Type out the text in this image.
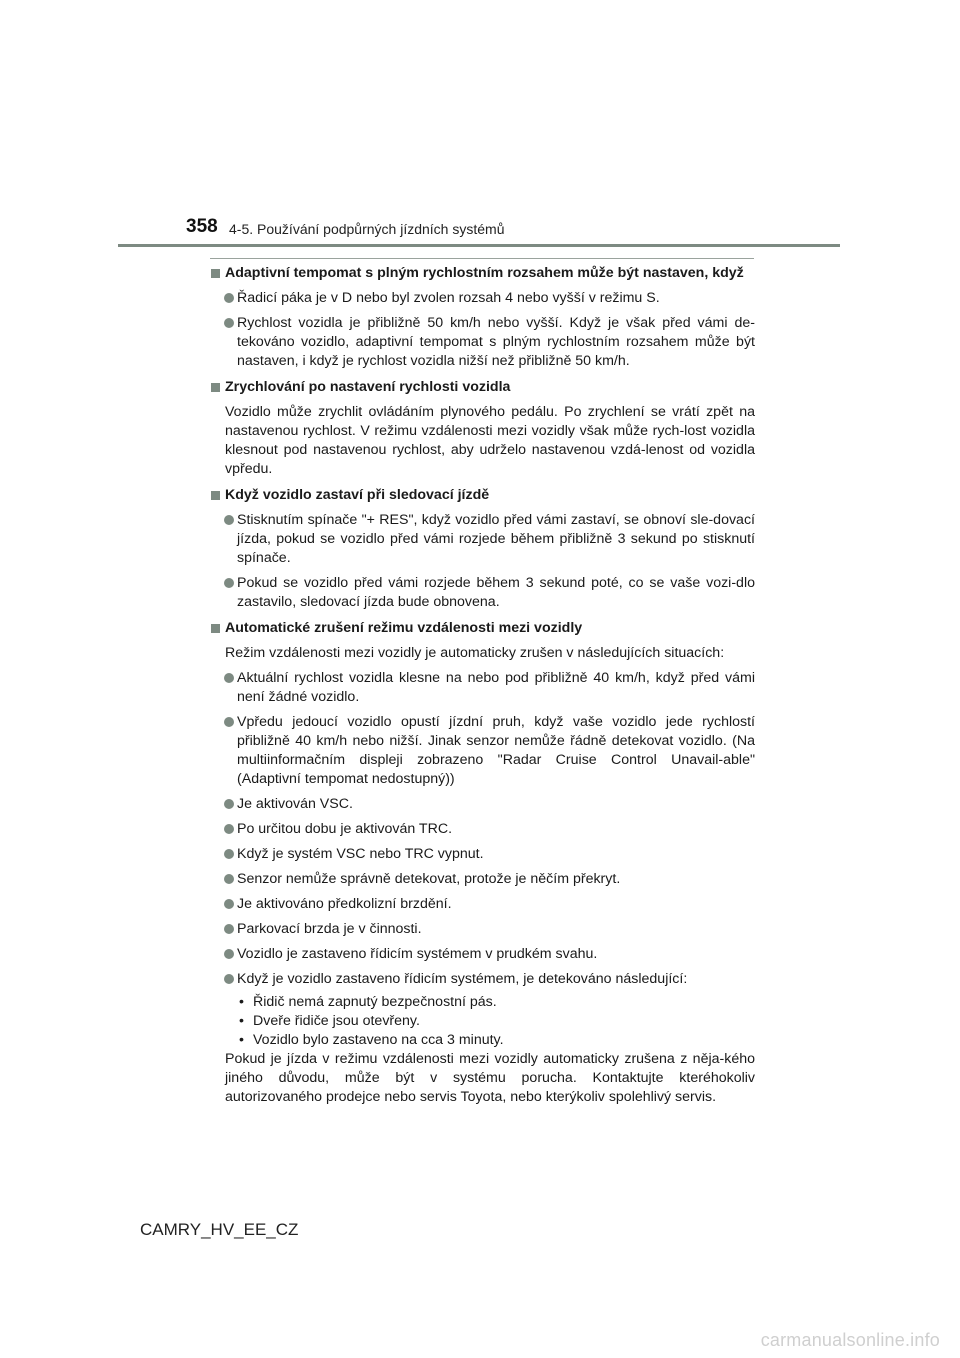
358 4-5. Používání podpůrných jízdních systémů
Adaptivní tempomat s plným rychlostním rozsahem může být nastaven, když
Řadicí páka je v D nebo byl zvolen rozsah 4 nebo vyšší v režimu S.
Rychlost vozidla je přibližně 50 km/h nebo vyšší. Když je však před vámi de-tekováno vozidlo, adaptivní tempomat s plným rychlostním rozsahem může být nastaven, i když je rychlost vozidla nižší než přibližně 50 km/h.
Zrychlování po nastavení rychlosti vozidla
Vozidlo může zrychlit ovládáním plynového pedálu. Po zrychlení se vrátí zpět na nastavenou rychlost. V režimu vzdálenosti mezi vozidly však může rych-lost vozidla klesnout pod nastavenou rychlost, aby udrželo nastavenou vzdá-lenost od vozidla vpředu.
Když vozidlo zastaví při sledovací jízdě
Stisknutím spínače "+ RES", když vozidlo před vámi zastaví, se obnoví sle-dovací jízda, pokud se vozidlo před vámi rozjede během přibližně 3 sekund po stisknutí spínače.
Pokud se vozidlo před vámi rozjede během 3 sekund poté, co se vaše vozi-dlo zastavilo, sledovací jízda bude obnovena.
Automatické zrušení režimu vzdálenosti mezi vozidly
Režim vzdálenosti mezi vozidly je automaticky zrušen v následujících situacích:
Aktuální rychlost vozidla klesne na nebo pod přibližně 40 km/h, když před vámi není žádné vozidlo.
Vpředu jedoucí vozidlo opustí jízdní pruh, když vaše vozidlo jede rychlostí přibližně 40 km/h nebo nižší. Jinak senzor nemůže řádně detekovat vozidlo. (Na multiinformačním displeji zobrazeno "Radar Cruise Control Unavail-able" (Adaptivní tempomat nedostupný))
Je aktivován VSC.
Po určitou dobu je aktivován TRC.
Když je systém VSC nebo TRC vypnut.
Senzor nemůže správně detekovat, protože je něčím překryt.
Je aktivováno předkolizní brzdění.
Parkovací brzda je v činnosti.
Vozidlo je zastaveno řídicím systémem v prudkém svahu.
Když je vozidlo zastaveno řídicím systémem, je detekováno následující:
• Řidič nemá zapnutý bezpečnostní pás.
• Dveře řidiče jsou otevřeny.
• Vozidlo bylo zastaveno na cca 3 minuty.
Pokud je jízda v režimu vzdálenosti mezi vozidly automaticky zrušena z něja-kého jiného důvodu, může být v systému porucha. Kontaktujte kteréhokoliv autorizovaného prodejce nebo servis Toyota, nebo kterýkoliv spolehlivý servis.
CAMRY_HV_EE_CZ
carmanualsonline.info
